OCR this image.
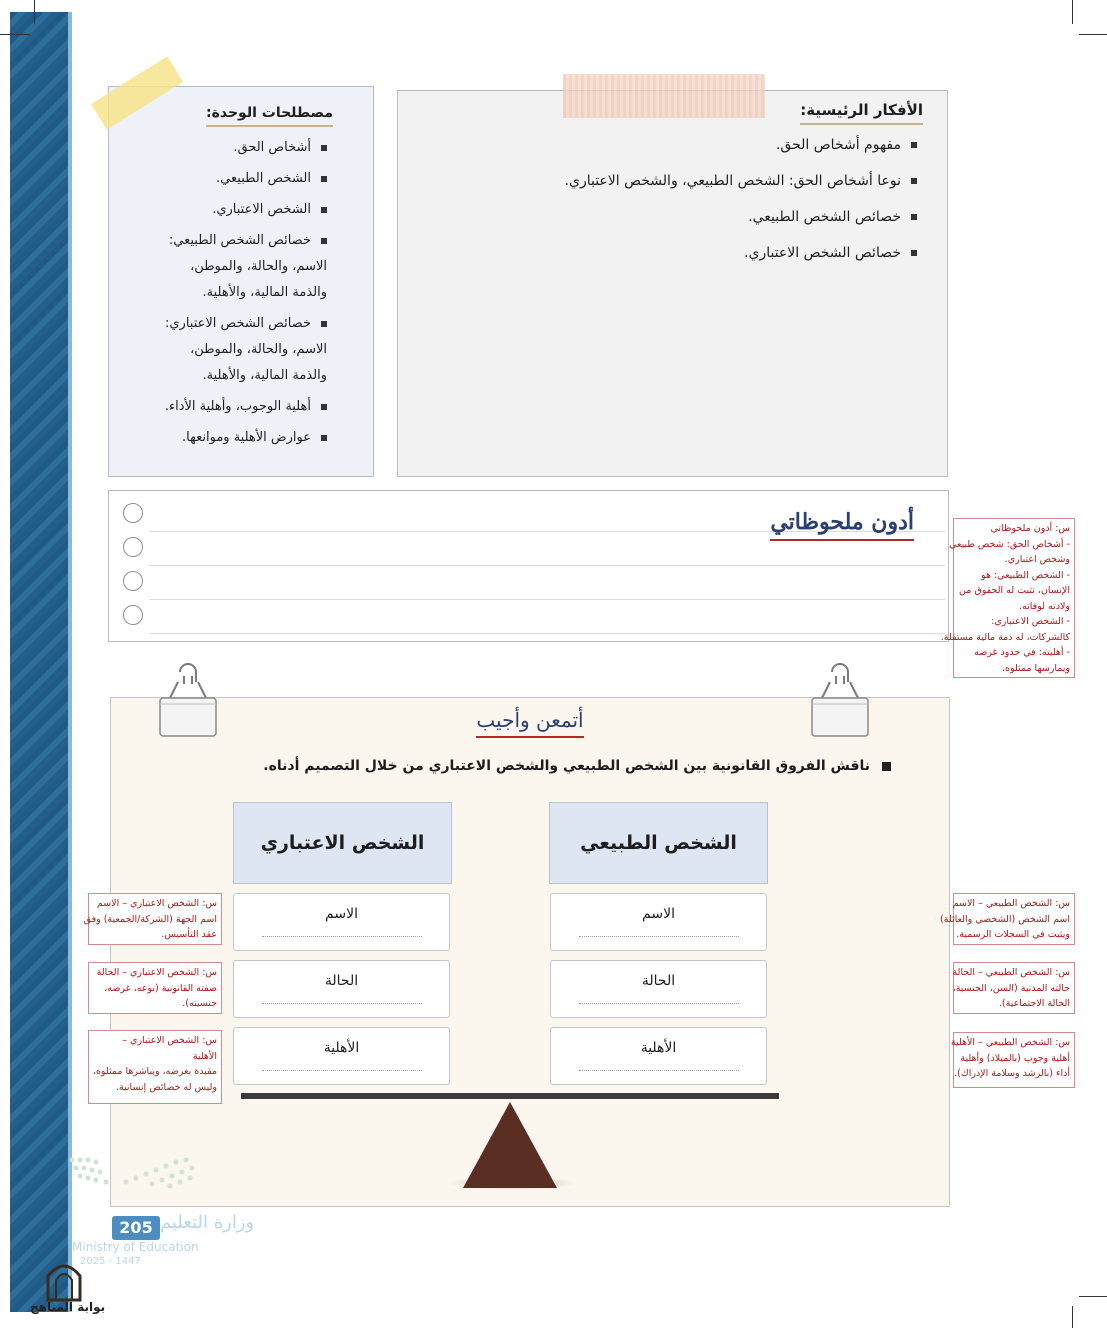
الأفكار الرئيسية:
مفهوم أشخاص الحق.
نوعا أشخاص الحق: الشخص الطبيعي، والشخص الاعتباري.
خصائص الشخص الطبيعي.
خصائص الشخص الاعتباري.
مصطلحات الوحدة:
أشخاص الحق.
الشخص الطبيعي.
الشخص الاعتباري.
خصائص الشخص الطبيعي:
الاسم، والحالة، والموطن،
والذمة المالية، والأهلية.
خصائص الشخص الاعتباري:
الاسم، والحالة، والموطن،
والذمة المالية، والأهلية.
أهلية الوجوب، وأهلية الأداء.
عوارض الأهلية وموانعها.
أدون ملحوظاتي	س: أدون ملحوظاتي
- أشخاص الحق: شخص طبيعي
وشخص اعتباري.
- الشخص الطبيعي: هو
الإنسان، تثبت له الحقوق من
ولادته لوفاته.
- الشخص الاعتباري:
كالشركات، له ذمة مالية مستقلة.
- أهليته: في حدود غرضه
ويمارسها ممثلوه.
أتمعن وأجيب
ناقش الفروق القانونية بين الشخص الطبيعي والشخص الاعتباري من خلال التصميم أدناه.
الشخص الطبيعي
الشخص الاعتباري
الاسم
الحالة
الأهلية
الاسم
الحالة
الأهلية
س: الشخص الطبيعي – الاسم
اسم الشخص (الشخصي والعائلة)
ويثبت في السجلات الرسمية.
س: الشخص الطبيعي – الحالة
حالته المدنية (السن، الجنسية،
الحالة الاجتماعية).
س: الشخص الطبيعي – الأهلية
أهلية وجوب (بالميلاد) وأهلية
أداء (بالرشد وسلامة الإدراك).
س: الشخص الاعتباري – الاسم
اسم الجهة (الشركة/الجمعية) وفق
عقد التأسيس.
س: الشخص الاعتباري – الحالة
صفته القانونية (نوعه، غرضه،
جنسيته).
س: الشخص الاعتباري –
الأهلية
مقيدة بغرضه، ويباشرها ممثلوه،
وليس له خصائص إنسانية.
205 وزارة التعليم
Ministry of Education
2025 - 1447
بوابة المناهج
